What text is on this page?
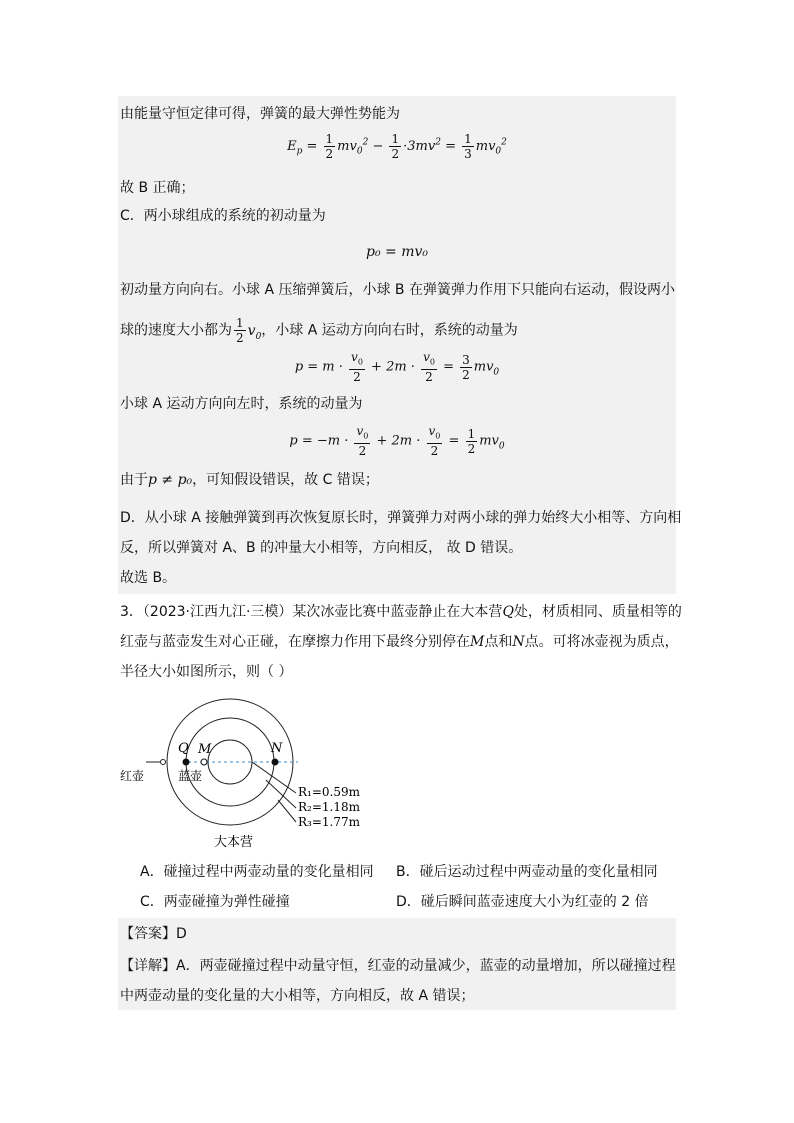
由能量守恒定律可得，弹簧的最大弹性势能为
$E_p = \frac{1}{2} mv_0^2 - \frac{1}{2} \cdot 3mv^2 = \frac{1}{3} mv_0^2$
故 B 正确；
C．两小球组成的系统的初动量为
p₀ = mv₀
初动量方向向右。小球 A 压缩弹簧后，小球 B 在弹簧弹力作用下只能向右运动，假设两小
球的速度大小都为 $\frac{1}{2} v_0$，小球 A 运动方向向右时，系统的动量为
$p = m \cdot \frac{v_0}{2} + 2m \cdot \frac{v_0}{2} = \frac{3}{2} mv_0$
小球 A 运动方向向左时，系统的动量为
$p = -m \cdot \frac{v_0}{2} + 2m \cdot \frac{v_0}{2} = \frac{1}{2} mv_0$
由于p ≠ p₀，可知假设错误，故 C 错误；
D．从小球 A 接触弹簧到再次恢复原长时，弹簧弹力对两小球的弹力始终大小相等、方向相
反，所以弹簧对 A、B 的冲量大小相等，方向相反， 故 D 错误。
故选 B。
3．（2023·江西九江·三模）某次冰壶比赛中蓝壶静止在大本营Q处，材质相同、质量相等的
红壶与蓝壶发生对心正碰，在摩擦力作用下最终分别停在M点和N点。可将冰壶视为质点，
半径大小如图所示，则（ ）
Q M	N
红壶	蓝壶
R₁=0.59m
R₂=1.18m
R₃=1.77m
大本营
A．碰撞过程中两壶动量的变化量相同 B．碰后运动过程中两壶动量的变化量相同
C．两壶碰撞为弹性碰撞	D．碰后瞬间蓝壶速度大小为红壶的 2 倍
【答案】D
【详解】A．两壶碰撞过程中动量守恒，红壶的动量减少，蓝壶的动量增加，所以碰撞过程
中两壶动量的变化量的大小相等，方向相反，故 A 错误；
